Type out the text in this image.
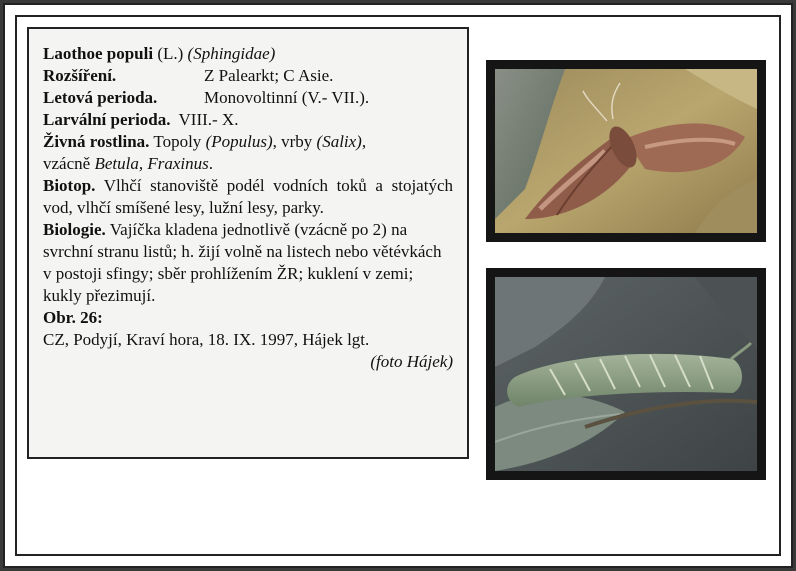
Laothoe populi (L.) (Sphingidae)

Rozšíření.	Z Palearkt; C Asie.
Letová perioda.	Monovoltinní (V.- VII.).
Larvální perioda. VIII.- X.

Živná rostlina. Topoly (Populus), vrby (Salix),

vzácně Betula, Fraxinus.

Biotop. Vlhčí stanoviště podél vodních toků a stojatých vod, vlhčí smíšené lesy, lužní lesy, parky.

Biologie. Vajíčka kladena jednotlivě (vzácně po 2) na svrchní stranu listů; h. žijí volně na listech nebo větévkách v postoji sfingy; sběr prohlížením ŽR; kuklení v zemi; kukly přezimují.

Obr. 26:

CZ, Podyjí, Kraví hora, 18. IX. 1997, Hájek lgt.

(foto Hájek)
